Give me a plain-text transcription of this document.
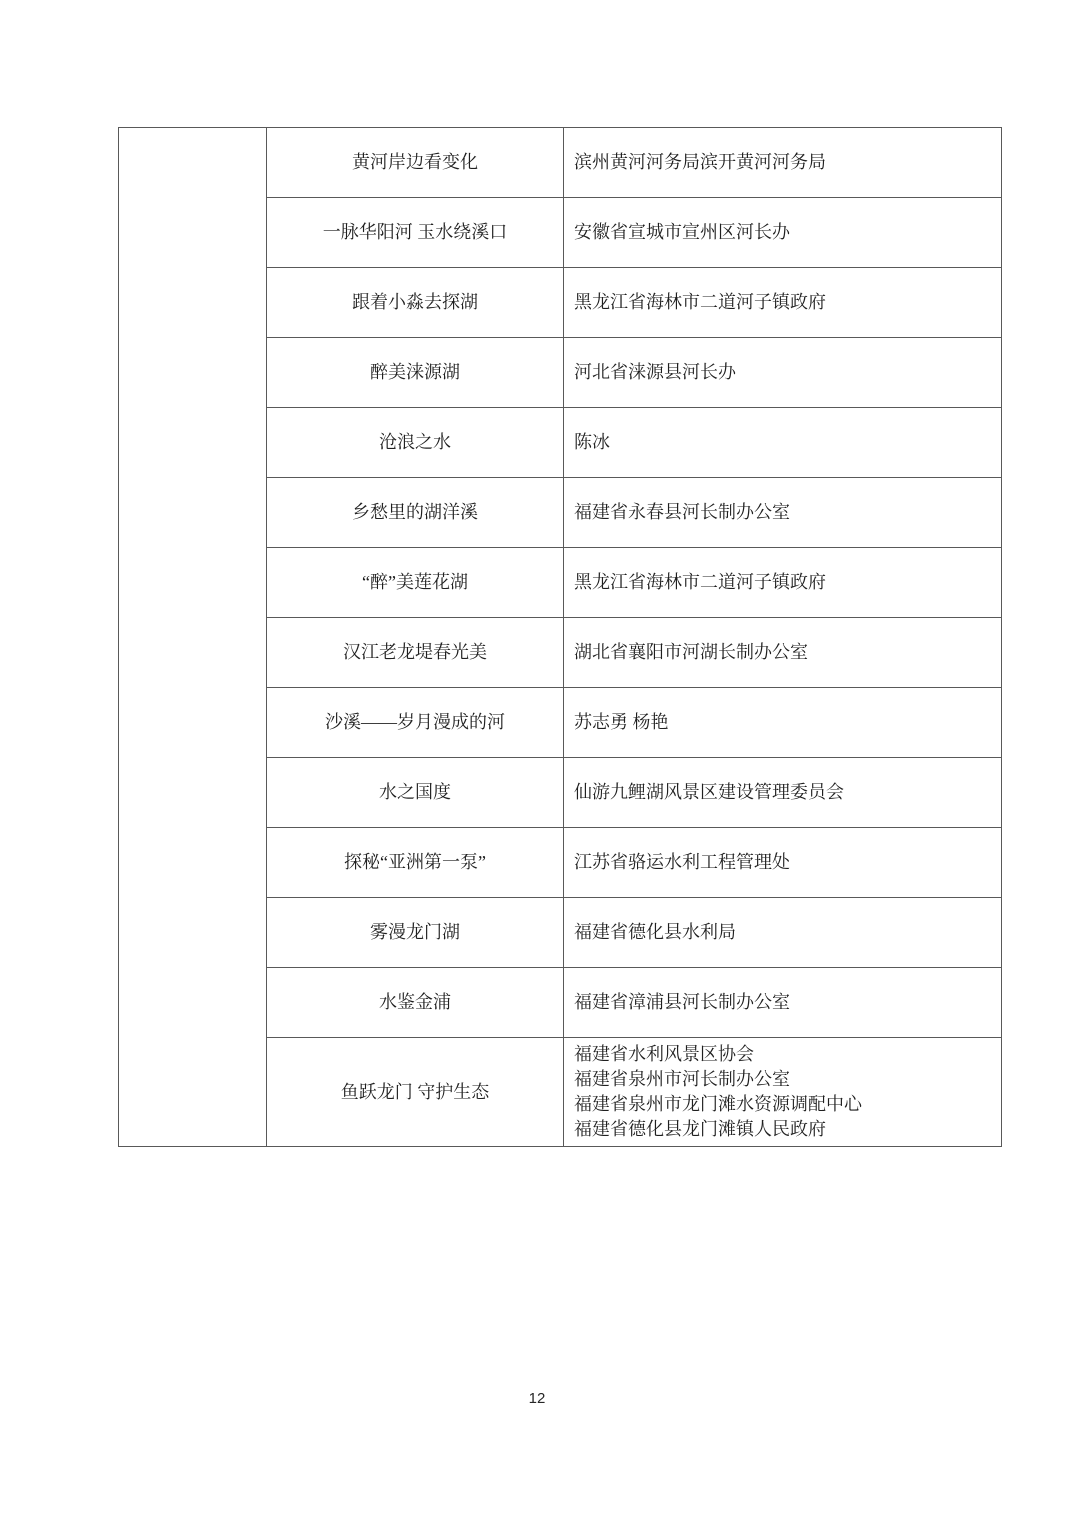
	黄河岸边看变化	滨州黄河河务局滨开黄河河务局

	一脉华阳河 玉水绕溪口	安徽省宣城市宣州区河长办

	跟着小淼去探湖	黑龙江省海林市二道河子镇政府

	醉美涞源湖	河北省涞源县河长办

	沧浪之水	陈冰

	乡愁里的湖洋溪	福建省永春县河长制办公室

	“醉”美莲花湖	黑龙江省海林市二道河子镇政府

	汉江老龙堤春光美	湖北省襄阳市河湖长制办公室

	沙溪——岁月漫成的河	苏志勇 杨艳

	水之国度	仙游九鲤湖风景区建设管理委员会

	探秘“亚洲第一泵”	江苏省骆运水利工程管理处

	雾漫龙门湖	福建省德化县水利局

	水鉴金浦	福建省漳浦县河长制办公室

	鱼跃龙门 守护生态	福建省水利风景区协会
福建省泉州市河长制办公室
福建省泉州市龙门滩水资源调配中心
福建省德化县龙门滩镇人民政府
12
